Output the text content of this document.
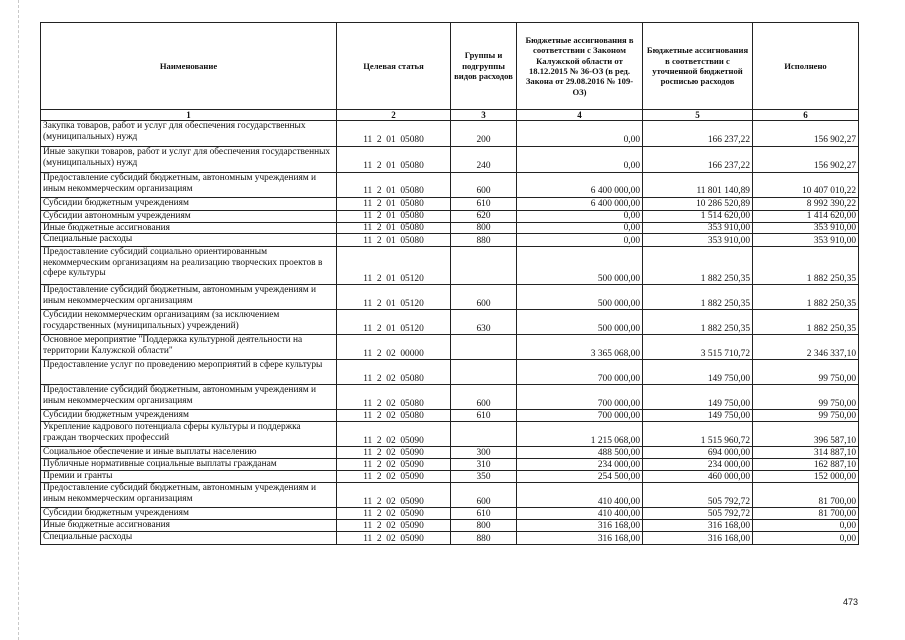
Наименование	Целевая статья	Группы и подгруппы видов расходов	Бюджетные ассигнования в соответствии с Законом Калужской области от 18.12.2015 № 36-ОЗ (в ред. Закона от 29.08.2016 № 109-ОЗ)	Бюджетные ассигнования в соответствии с уточненной бюджетной росписью расходов	Исполнено
1	2	3	4	5	6
Закупка товаров, работ и услуг для обеспечения государственных (муниципальных) нужд	11  2  01  05080	200	0,00	166 237,22	156 902,27
Иные закупки товаров, работ и услуг для обеспечения государственных (муниципальных) нужд	11  2  01  05080	240	0,00	166 237,22	156 902,27
Предоставление субсидий бюджетным, автономным учреждениям и иным некоммерческим организациям	11  2  01  05080	600	6 400 000,00	11 801 140,89	10 407 010,22
Субсидии бюджетным учреждениям	11  2  01  05080	610	6 400 000,00	10 286 520,89	8 992 390,22
Субсидии автономным учреждениям	11  2  01  05080	620	0,00	1 514 620,00	1 414 620,00
Иные бюджетные ассигнования	11  2  01  05080	800	0,00	353 910,00	353 910,00
Специальные расходы	11  2  01  05080	880	0,00	353 910,00	353 910,00
Предоставление субсидий социально ориентированным некоммерческим организациям на реализацию творческих проектов в сфере культуры	11  2  01  05120		500 000,00	1 882 250,35	1 882 250,35
Предоставление субсидий бюджетным, автономным учреждениям и иным некоммерческим организациям	11  2  01  05120	600	500 000,00	1 882 250,35	1 882 250,35
Субсидии некоммерческим организациям (за исключением государственных (муниципальных) учреждений)	11  2  01  05120	630	500 000,00	1 882 250,35	1 882 250,35
Основное мероприятие "Поддержка культурной деятельности на территории Калужской области"	11  2  02  00000		3 365 068,00	3 515 710,72	2 346 337,10
Предоставление услуг по проведению мероприятий в сфере культуры	11  2  02  05080		700 000,00	149 750,00	99 750,00
Предоставление субсидий бюджетным, автономным учреждениям и иным некоммерческим организациям	11  2  02  05080	600	700 000,00	149 750,00	99 750,00
Субсидии бюджетным учреждениям	11  2  02  05080	610	700 000,00	149 750,00	99 750,00
Укрепление кадрового потенциала сферы культуры и поддержка граждан творческих профессий	11  2  02  05090		1 215 068,00	1 515 960,72	396 587,10
Социальное обеспечение и иные выплаты населению	11  2  02  05090	300	488 500,00	694 000,00	314 887,10
Публичные нормативные социальные выплаты гражданам	11  2  02  05090	310	234 000,00	234 000,00	162 887,10
Премии и гранты	11  2  02  05090	350	254 500,00	460 000,00	152 000,00
Предоставление субсидий бюджетным, автономным учреждениям и иным некоммерческим организациям	11  2  02  05090	600	410 400,00	505 792,72	81 700,00
Субсидии бюджетным учреждениям	11  2  02  05090	610	410 400,00	505 792,72	81 700,00
Иные бюджетные ассигнования	11  2  02  05090	800	316 168,00	316 168,00	0,00
Специальные расходы	11  2  02  05090	880	316 168,00	316 168,00	0,00
473
